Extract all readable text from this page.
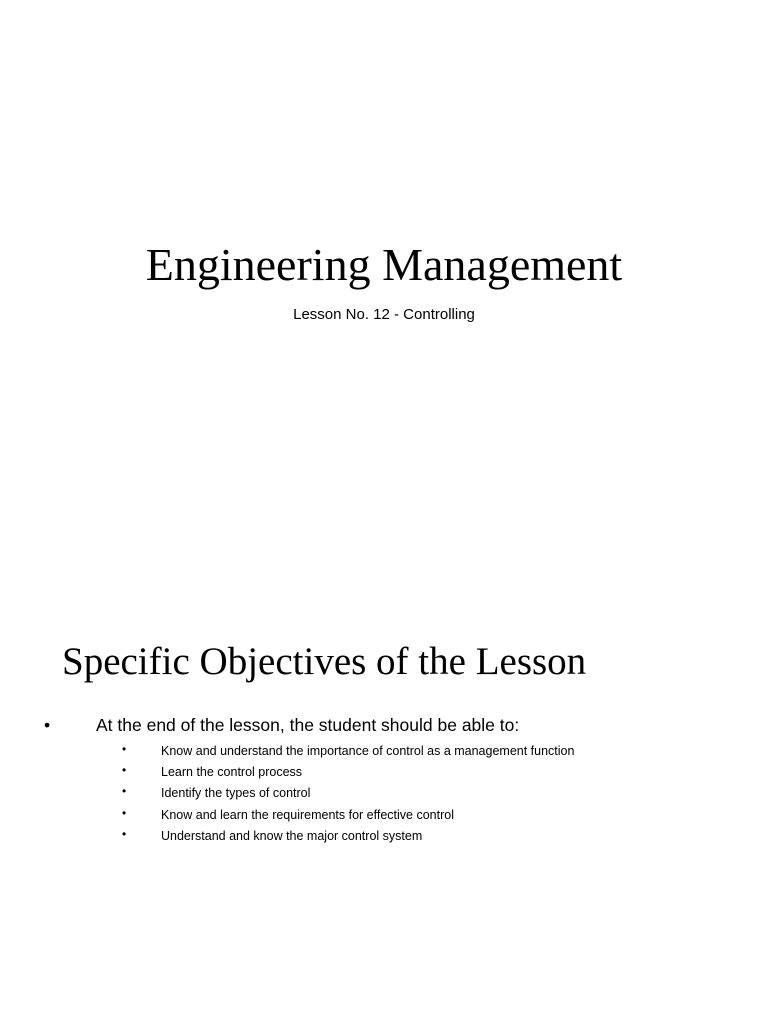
Engineering Management

Lesson No. 12 - Controlling

Specific Objectives of the Lesson
•	At the end of the lesson, the student should be able to:
•	Know and understand the importance of control as a management function
•	Learn the control process
•	Identify the types of control
•	Know and learn the requirements for effective control
•	Understand and know the major control system
